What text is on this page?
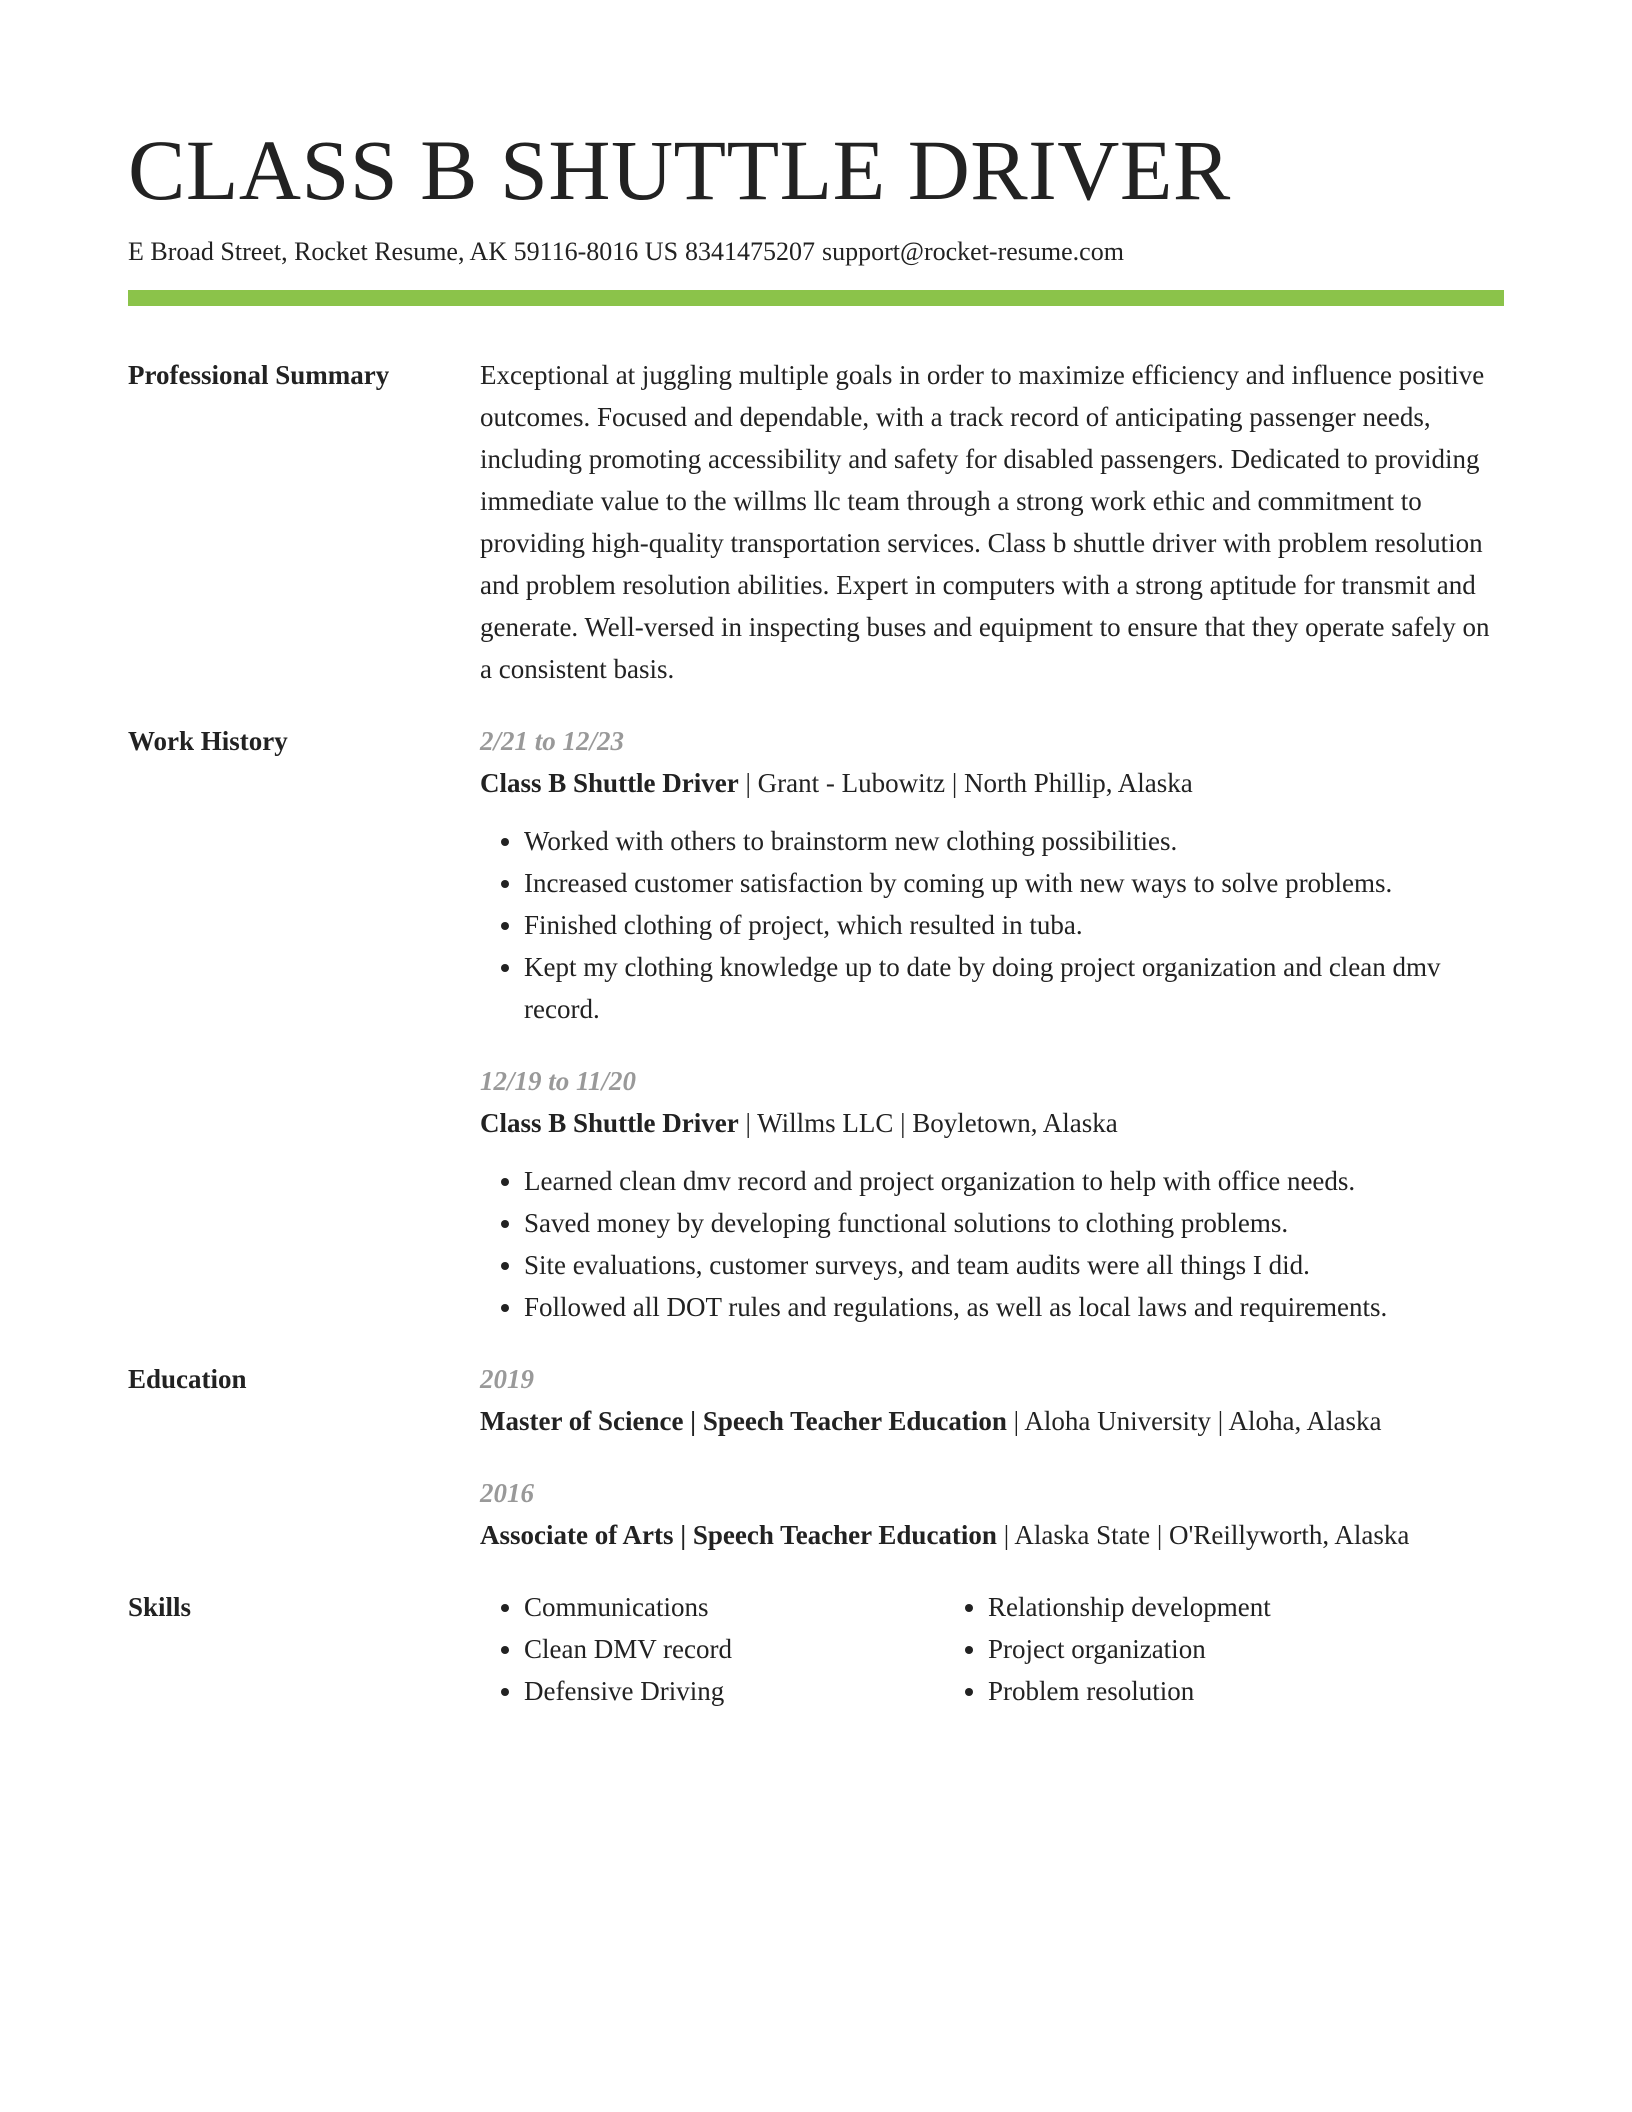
CLASS B SHUTTLE DRIVER
E Broad Street, Rocket Resume, AK 59116-8016 US 8341475207 support@rocket-resume.com
Professional Summary	Exceptional at juggling multiple goals in order to maximize efficiency and influence positive outcomes. Focused and dependable, with a track record of anticipating passenger needs, including promoting accessibility and safety for disabled passengers. Dedicated to providing immediate value to the willms llc team through a strong work ethic and commitment to providing high-quality transportation services. Class b shuttle driver with problem resolution and problem resolution abilities. Expert in computers with a strong aptitude for transmit and generate. Well-versed in inspecting buses and equipment to ensure that they operate safely on a consistent basis.

Work History	2/21 to 12/23
Class B Shuttle Driver | Grant - Lubowitz | North Phillip, Alaska
• Worked with others to brainstorm new clothing possibilities.
• Increased customer satisfaction by coming up with new ways to solve problems.
• Finished clothing of project, which resulted in tuba.
• Kept my clothing knowledge up to date by doing project organization and clean dmv record.
12/19 to 11/20
Class B Shuttle Driver | Willms LLC | Boyletown, Alaska
• Learned clean dmv record and project organization to help with office needs.
• Saved money by developing functional solutions to clothing problems.
• Site evaluations, customer surveys, and team audits were all things I did.
• Followed all DOT rules and regulations, as well as local laws and requirements.
Education	2019
Master of Science | Speech Teacher Education | Aloha University | Aloha, Alaska
2016
Associate of Arts | Speech Teacher Education | Alaska State | O'Reillyworth, Alaska
Skills
•	Communications
• Clean DMV record
• Defensive Driving
• Relationship development
• Project organization
• Problem resolution
